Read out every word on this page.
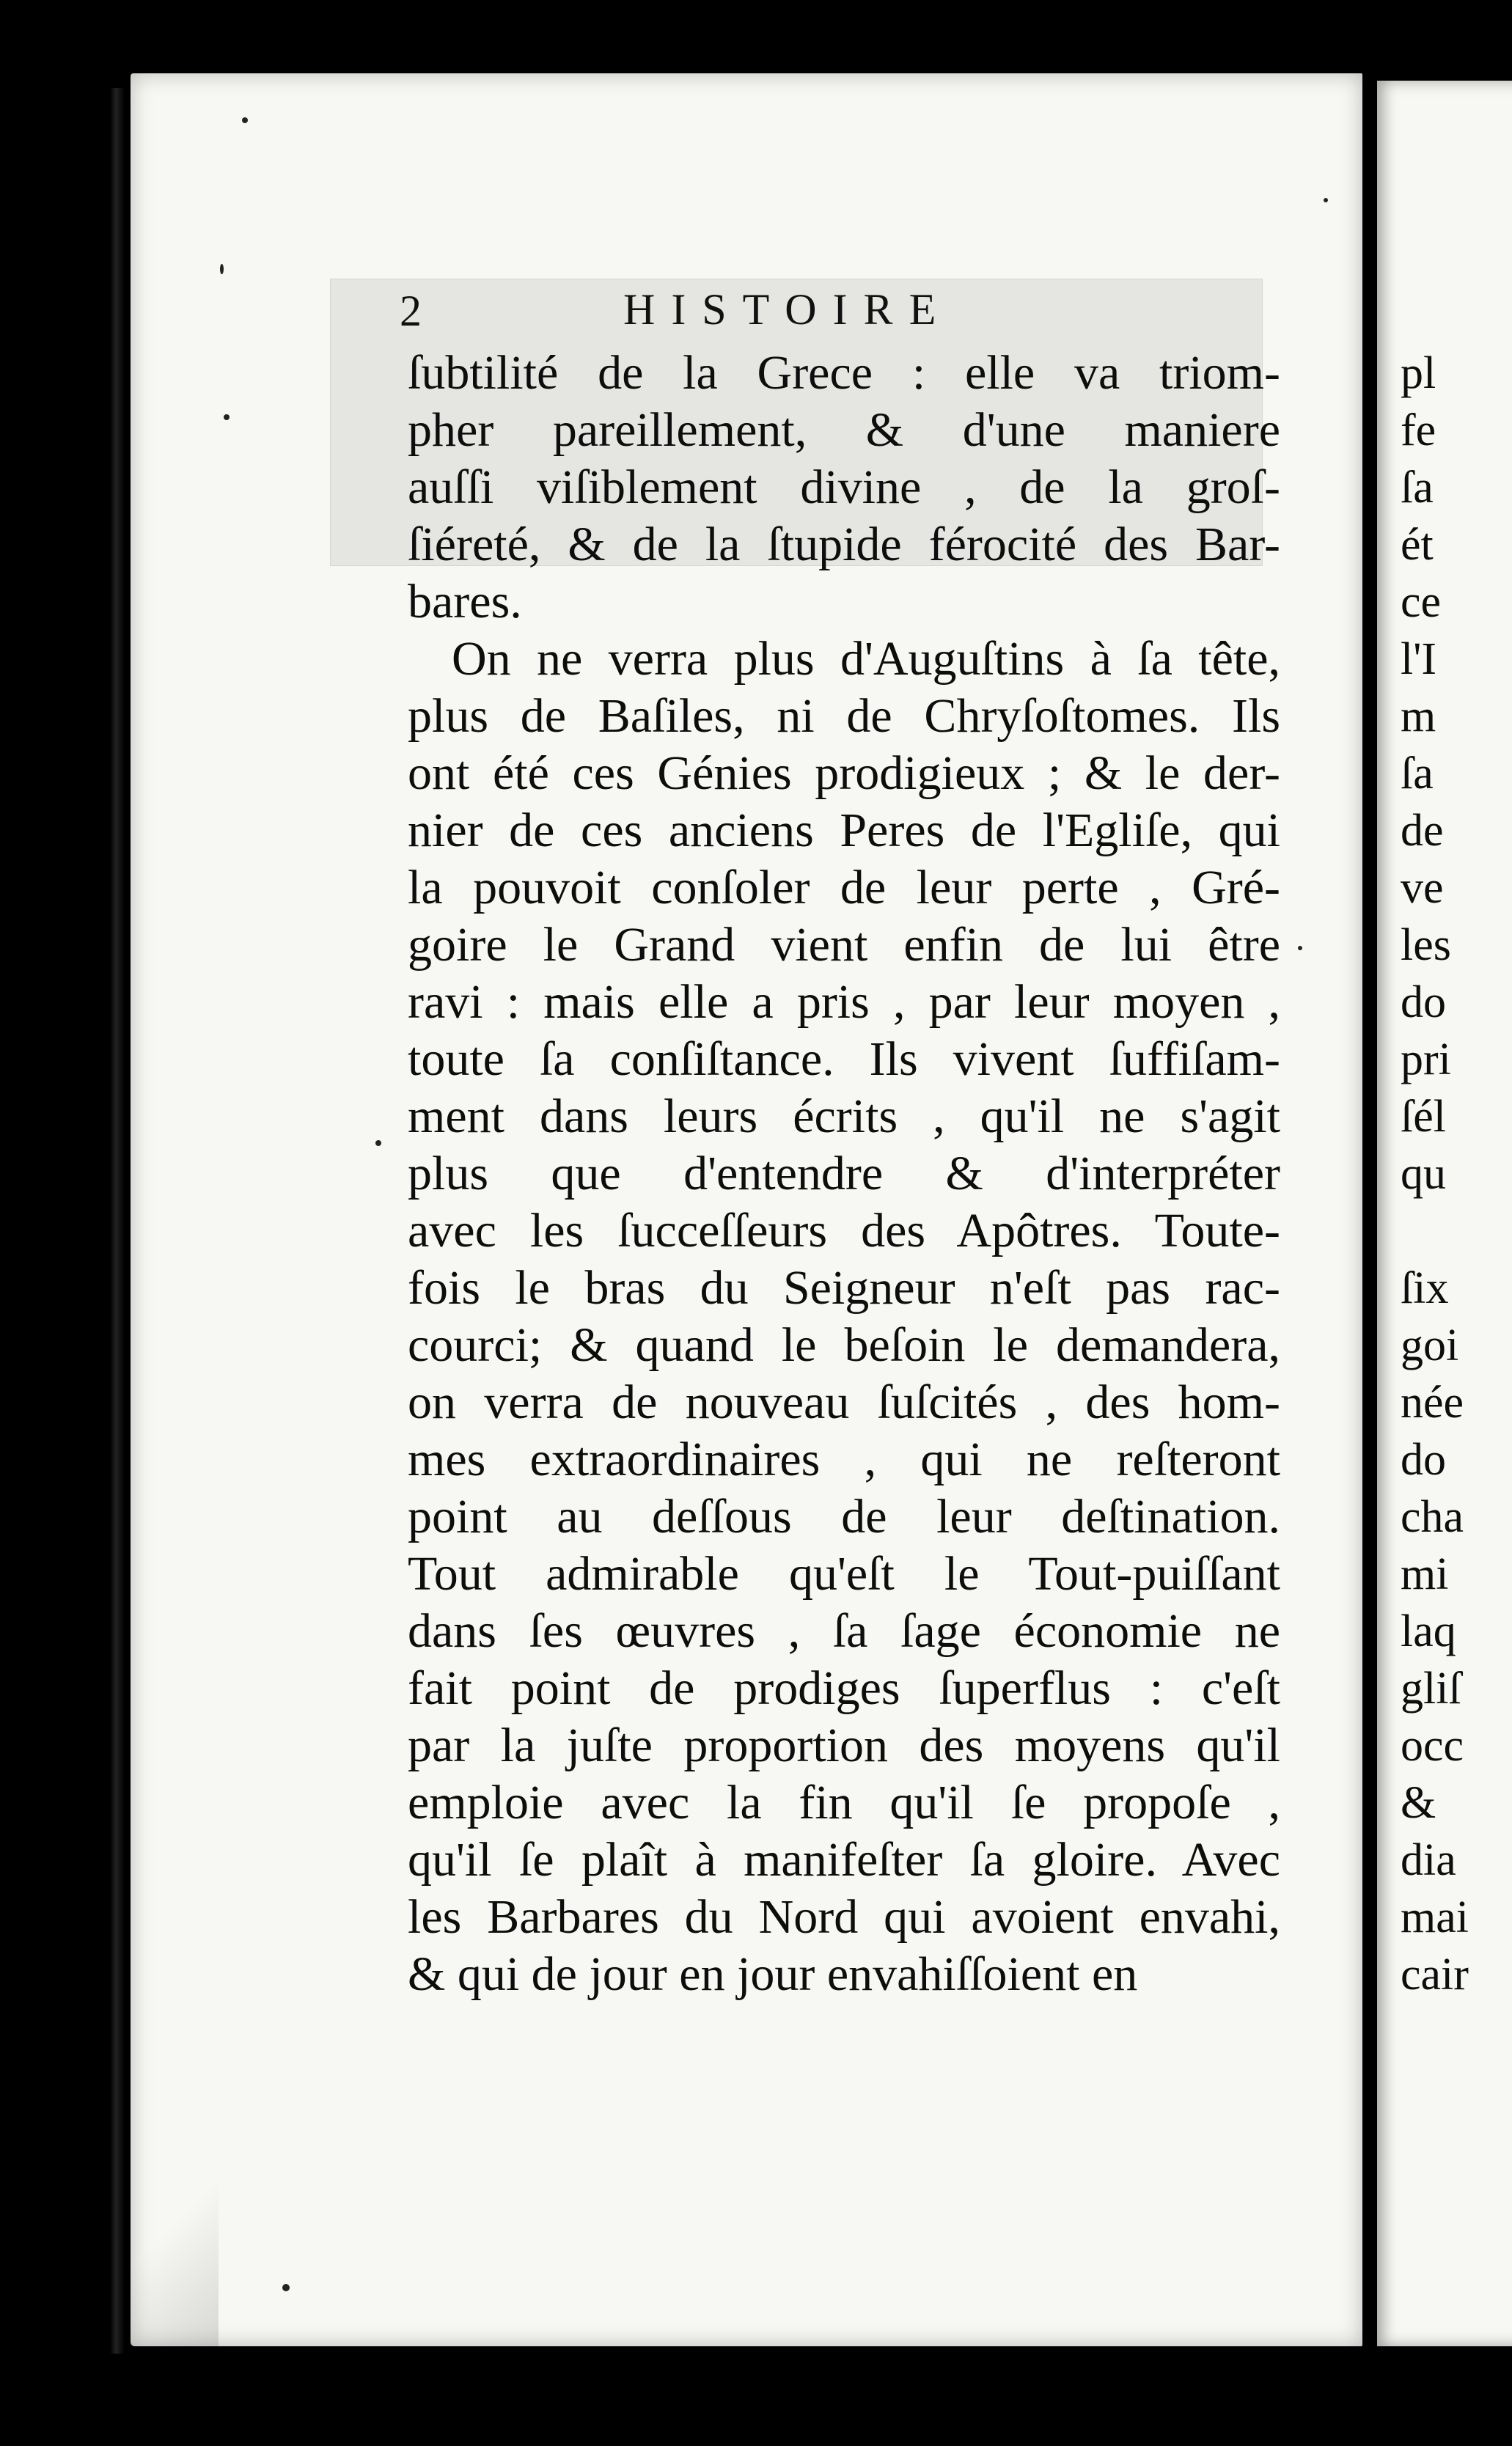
2	HISTOIRE
ſubtilité de la Grece : elle va triom-
pher pareillement, & d'une maniere
auſſi viſiblement divine , de la groſ-
ſiéreté, & de la ſtupide férocité des Bar-
bares.
On ne verra plus d'Auguſtins à ſa tête,
plus de Baſiles, ni de Chryſoſtomes. Ils
ont été ces Génies prodigieux ; & le der-
nier de ces anciens Peres de l'Egliſe, qui
la pouvoit conſoler de leur perte , Gré-
goire le Grand vient enfin de lui être
ravi : mais elle a pris , par leur moyen ,
toute ſa conſiſtance. Ils vivent ſuffiſam-
ment dans leurs écrits , qu'il ne s'agit
plus que d'entendre & d'interpréter
avec les ſucceſſeurs des Apôtres. Toute-
fois le bras du Seigneur n'eſt pas rac-
courci; & quand le beſoin le demandera,
on verra de nouveau ſuſcités , des hom-
mes extraordinaires , qui ne reſteront
point au deſſous de leur deſtination.
Tout admirable qu'eſt le Tout-puiſſant
dans ſes œuvres , ſa ſage économie ne
fait point de prodiges ſuperflus : c'eſt
par la juſte proportion des moyens qu'il
emploie avec la fin qu'il ſe propoſe ,
qu'il ſe plaît à manifeſter ſa gloire. Avec
les Barbares du Nord qui avoient envahi,
& qui de jour en jour envahiſſoient en
pl
fe
ſa
ét
ce
l'I
m
ſa
de
ve
les
do
pri
ſél
qu
ſix
goi
née
do
cha
mi
laq
gliſ
occ
&
dia
mai
cair
